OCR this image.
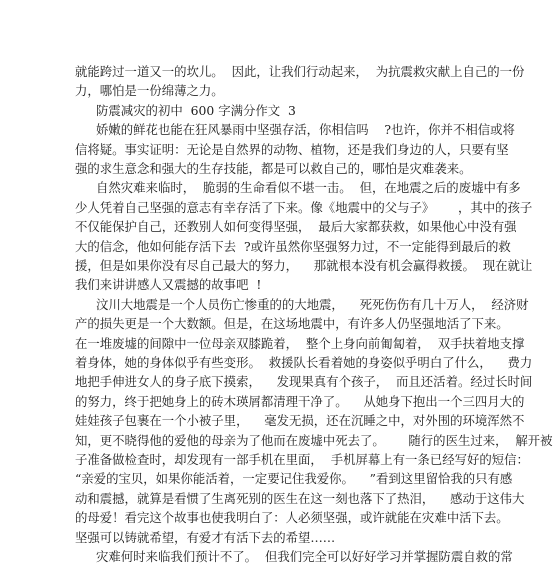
就能跨过一道又一的坎儿。  因此，让我们行动起来，  为抗震救灾献上自己的一份
力，哪怕是一份绵薄之力。
防震减灾的初中  600 字满分作文  3
娇嫩的鲜花也能在狂风暴雨中坚强存活，你相信吗    ?也许，你并不相信或将
信将疑。事实证明：无论是自然界的动物、植物，还是我们身边的人，只要有坚
强的求生意念和强大的生存技能，都是可以救自己的，哪怕是灾难袭来。
自然灾难来临时，  脆弱的生命看似不堪一击。  但，在地震之后的废墟中有多
少人凭着自己坚强的意志有幸存活了下来。像《地震中的父与子》      ，其中的孩子
不仅能保护自己，还教别人如何变得坚强，  最后大家都获救，如果他心中没有强
大的信念，他如何能存活下去  ?或许虽然你坚强努力过，不一定能得到最后的救
援，但是如果你没有尽自己最大的努力，    那就根本没有机会赢得救援。  现在就让
我们来讲讲感人又震撼的故事吧  !
汶川大地震是一个人员伤亡惨重的的大地震，    死死伤伤有几十万人，  经济财
产的损失更是一个大数额。但是，在这场地震中，有许多人仍坚强地活了下来。
在一堆废墟的间隙中一位母亲双膝跪着，  整个上身向前匍匐着，  双手扶着地支撑
着身体，她的身体似乎有些变形。  救援队长看着她的身姿似乎明白了什么，    费力
地把手伸进女人的身子底下摸索，    发现果真有个孩子，  而且还活着。经过长时间
的努力，终于把她身上的砖木瑛屑都清理干净了。    从她身下抱出一个三四月大的
娃娃孩子包裹在一个小被子里，    毫发无损，还在沉睡之中，对外围的环境浑然不
知，更不晓得他的爱他的母亲为了他而在废墟中死去了。      随行的医生过来，  解开被
子准备做检查时，却发现有一部手机在里面，  手机屏幕上有一条已经写好的短信：
“亲爱的宝贝，如果你能活着，一定要记住我爱你。    ”看到这里留恰我的只有感
动和震撼，就算是看惯了生离死别的医生在这一刻也落下了热泪，    感动于这伟大
的母爱！看完这个故事也使我明白了：人必须坚强，或许就能在灾难中活下去。
坚强可以铸就希望，有爱才有活下去的希望……
灾难何时来临我们预计不了。  但我们完全可以好好学习并掌握防震自救的常
